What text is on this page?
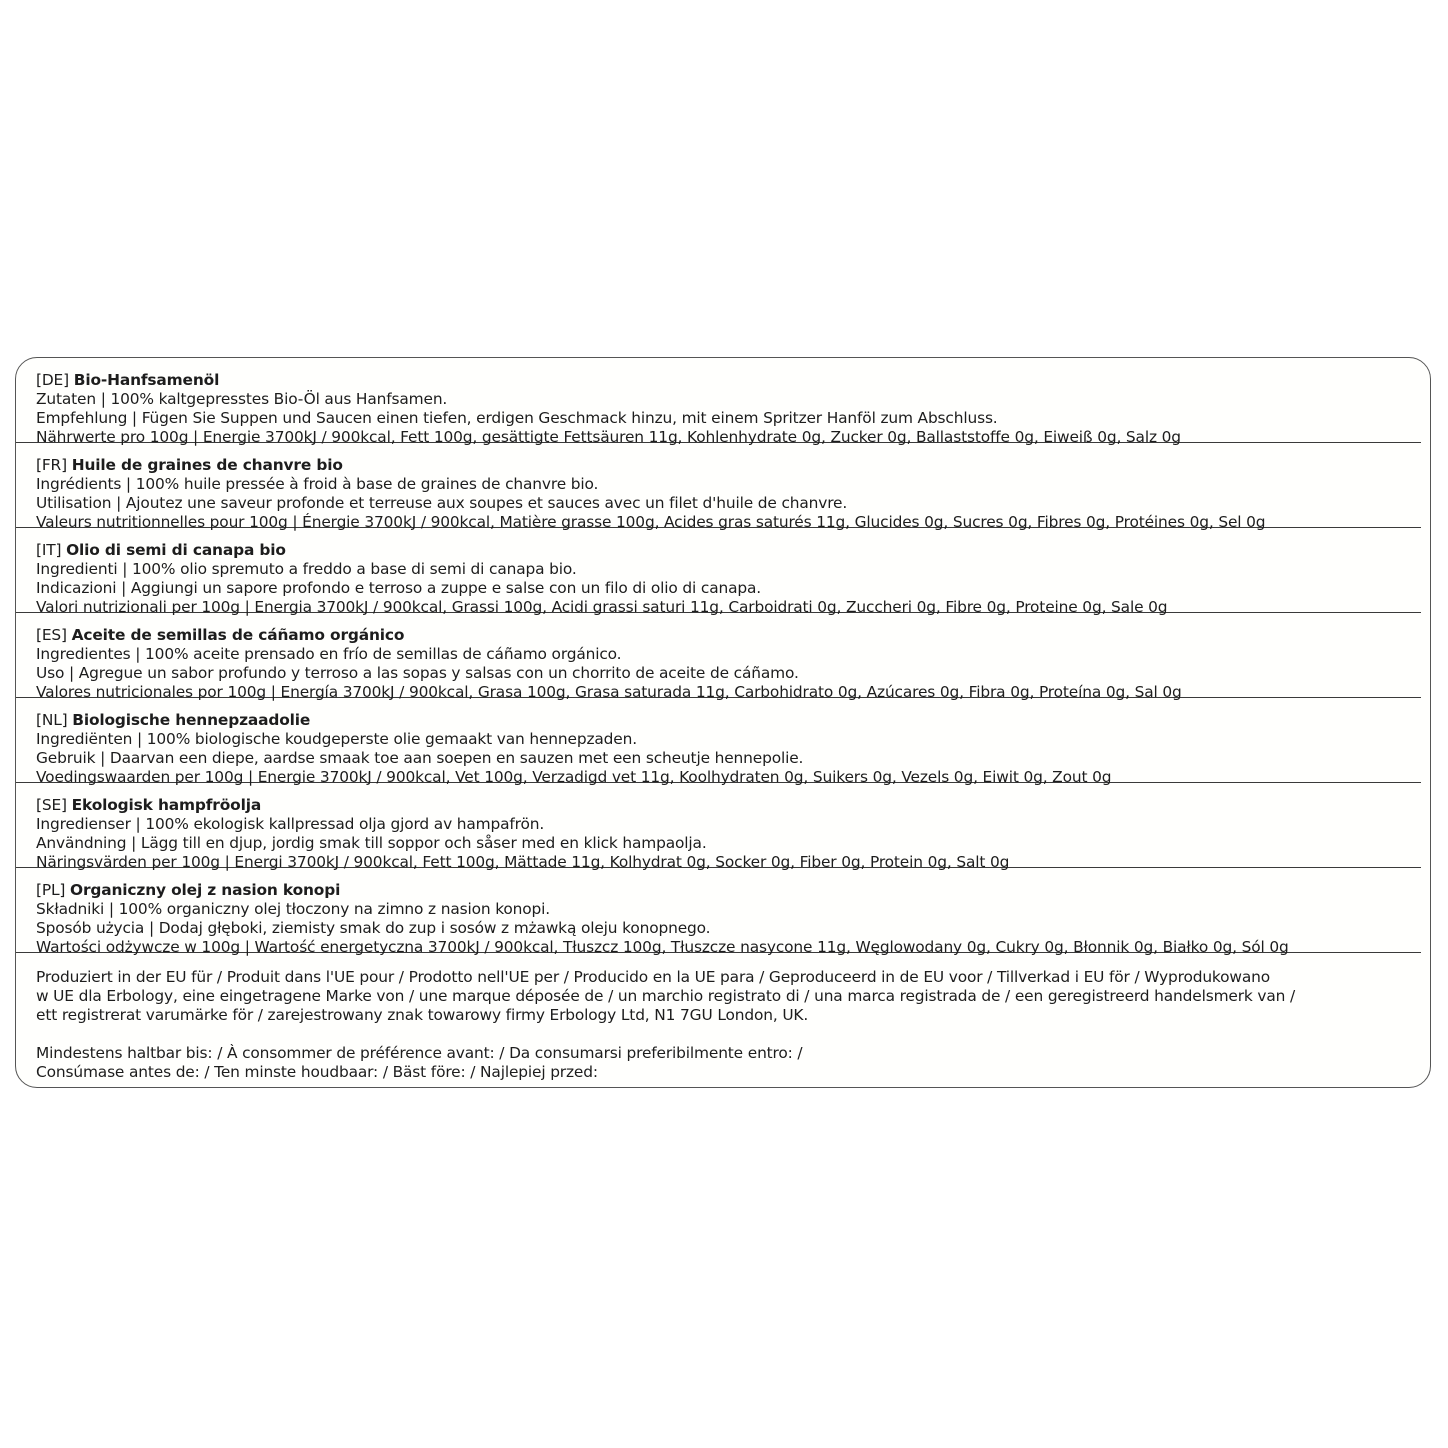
[DE] Bio-Hanfsamenöl
Zutaten | 100% kaltgepresstes Bio-Öl aus Hanfsamen.
Empfehlung | Fügen Sie Suppen und Saucen einen tiefen, erdigen Geschmack hinzu, mit einem Spritzer Hanföl zum Abschluss.
Nährwerte pro 100g | Energie 3700kJ / 900kcal, Fett 100g, gesättigte Fettsäuren 11g, Kohlenhydrate 0g, Zucker 0g, Ballaststoffe 0g, Eiweiß 0g, Salz 0g
[FR] Huile de graines de chanvre bio
Ingrédients | 100% huile pressée à froid à base de graines de chanvre bio.
Utilisation | Ajoutez une saveur profonde et terreuse aux soupes et sauces avec un filet d'huile de chanvre.
Valeurs nutritionnelles pour 100g | Énergie 3700kJ / 900kcal, Matière grasse 100g, Acides gras saturés 11g, Glucides 0g, Sucres 0g, Fibres 0g, Protéines 0g, Sel 0g
[IT] Olio di semi di canapa bio
Ingredienti | 100% olio spremuto a freddo a base di semi di canapa bio.
Indicazioni | Aggiungi un sapore profondo e terroso a zuppe e salse con un filo di olio di canapa.
Valori nutrizionali per 100g | Energia 3700kJ / 900kcal, Grassi 100g, Acidi grassi saturi 11g, Carboidrati 0g, Zuccheri 0g, Fibre 0g, Proteine 0g, Sale 0g
[ES] Aceite de semillas de cáñamo orgánico
Ingredientes | 100% aceite prensado en frío de semillas de cáñamo orgánico.
Uso | Agregue un sabor profundo y terroso a las sopas y salsas con un chorrito de aceite de cáñamo.
Valores nutricionales por 100g | Energía 3700kJ / 900kcal, Grasa 100g, Grasa saturada 11g, Carbohidrato 0g, Azúcares 0g, Fibra 0g, Proteína 0g, Sal 0g
[NL] Biologische hennepzaadolie
Ingrediënten | 100% biologische koudgeperste olie gemaakt van hennepzaden.
Gebruik | Daarvan een diepe, aardse smaak toe aan soepen en sauzen met een scheutje hennepolie.
Voedingswaarden per 100g | Energie 3700kJ / 900kcal, Vet 100g, Verzadigd vet 11g, Koolhydraten 0g, Suikers 0g, Vezels 0g, Eiwit 0g, Zout 0g
[SE] Ekologisk hampfröolja
Ingredienser | 100% ekologisk kallpressad olja gjord av hampafrön.
Användning | Lägg till en djup, jordig smak till soppor och såser med en klick hampaolja.
Näringsvärden per 100g | Energi 3700kJ / 900kcal, Fett 100g, Mättade 11g, Kolhydrat 0g, Socker 0g, Fiber 0g, Protein 0g, Salt 0g
[PL] Organiczny olej z nasion konopi
Składniki | 100% organiczny olej tłoczony na zimno z nasion konopi.
Sposób użycia | Dodaj głęboki, ziemisty smak do zup i sosów z mżawką oleju konopnego.
Wartości odżywcze w 100g | Wartość energetyczna 3700kJ / 900kcal, Tłuszcz 100g, Tłuszcze nasycone 11g, Węglowodany 0g, Cukry 0g, Błonnik 0g, Białko 0g, Sól 0g
Produziert in der EU für / Produit dans l'UE pour / Prodotto nell'UE per / Producido en la UE para / Geproduceerd in de EU voor / Tillverkad i EU för / Wyprodukowano
w UE dla Erbology, eine eingetragene Marke von / une marque déposée de / un marchio registrato di / una marca registrada de / een geregistreerd handelsmerk van /
ett registrerat varumärke för / zarejestrowany znak towarowy firmy Erbology Ltd, N1 7GU London, UK.
Mindestens haltbar bis: / À consommer de préférence avant: / Da consumarsi preferibilmente entro: /
Consúmase antes de: / Ten minste houdbaar: / Bäst före: / Najlepiej przed:
